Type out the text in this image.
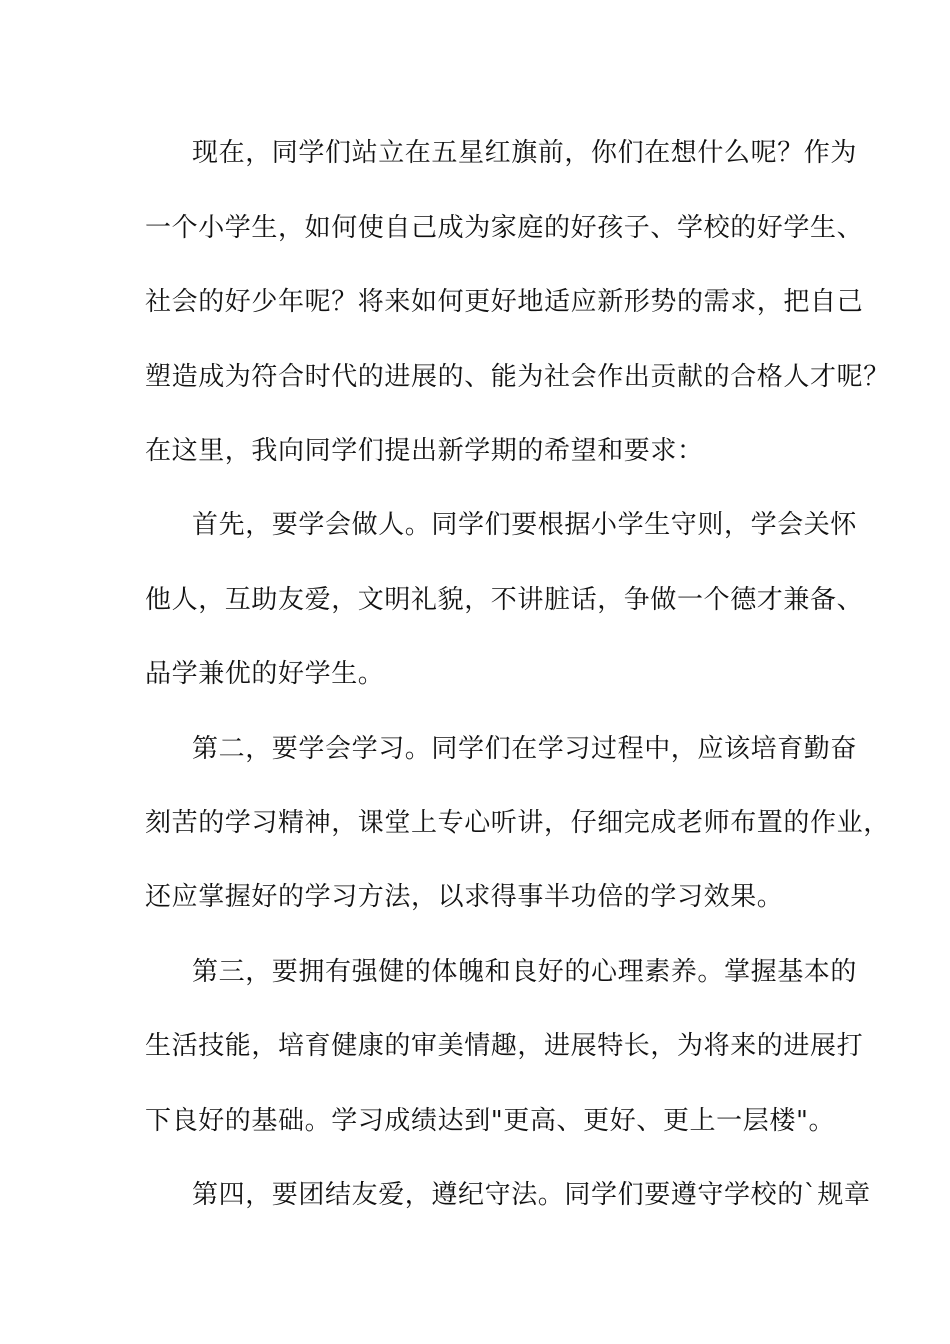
现在，同学们站立在五星红旗前，你们在想什么呢？作为
一个小学生，如何使自己成为家庭的好孩子、学校的好学生、
社会的好少年呢？将来如何更好地适应新形势的需求，把自己
塑造成为符合时代的进展的、能为社会作出贡献的合格人才呢？
在这里，我向同学们提出新学期的希望和要求：
首先，要学会做人。同学们要根据小学生守则，学会关怀
他人，互助友爱，文明礼貌，不讲脏话，争做一个德才兼备、
品学兼优的好学生。
第二，要学会学习。同学们在学习过程中，应该培育勤奋
刻苦的学习精神，课堂上专心听讲，仔细完成老师布置的作业，
还应掌握好的学习方法，以求得事半功倍的学习效果。
第三，要拥有强健的体魄和良好的心理素养。掌握基本的
生活技能，培育健康的审美情趣，进展特长，为将来的进展打
下良好的基础。学习成绩达到"更高、更好、更上一层楼"。
第四，要团结友爱，遵纪守法。同学们要遵守学校的`规章
